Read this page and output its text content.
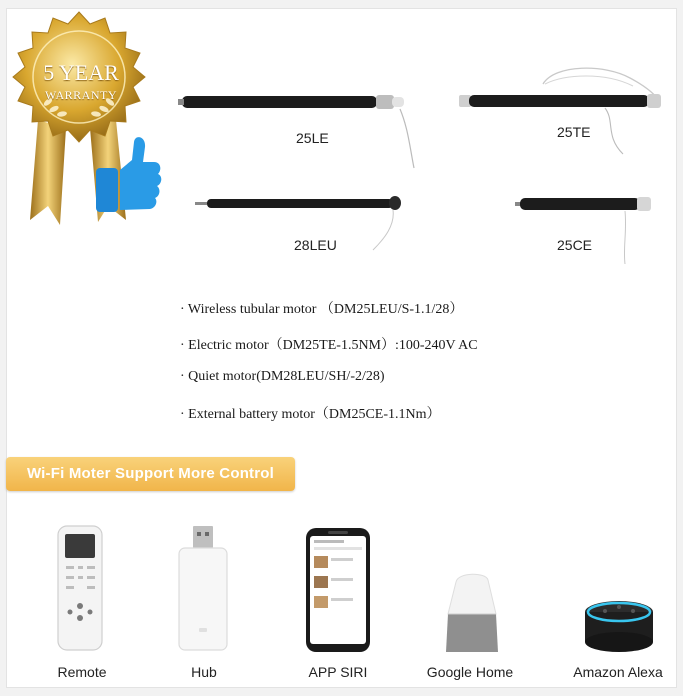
5 YEAR
WARRANTY
25LE	25TE
28LEU	25CE
· Wireless tubular motor （DM25LEU/S-1.1/28）
· Electric motor（DM25TE-1.5NM）:100-240V AC
· Quiet motor(DM28LEU/SH/-2/28)
· External battery motor（DM25CE-1.1Nm）
Wi-Fi Moter Support More Control
Remote	Hub	APP SIRI	Google Home	Amazon Alexa
